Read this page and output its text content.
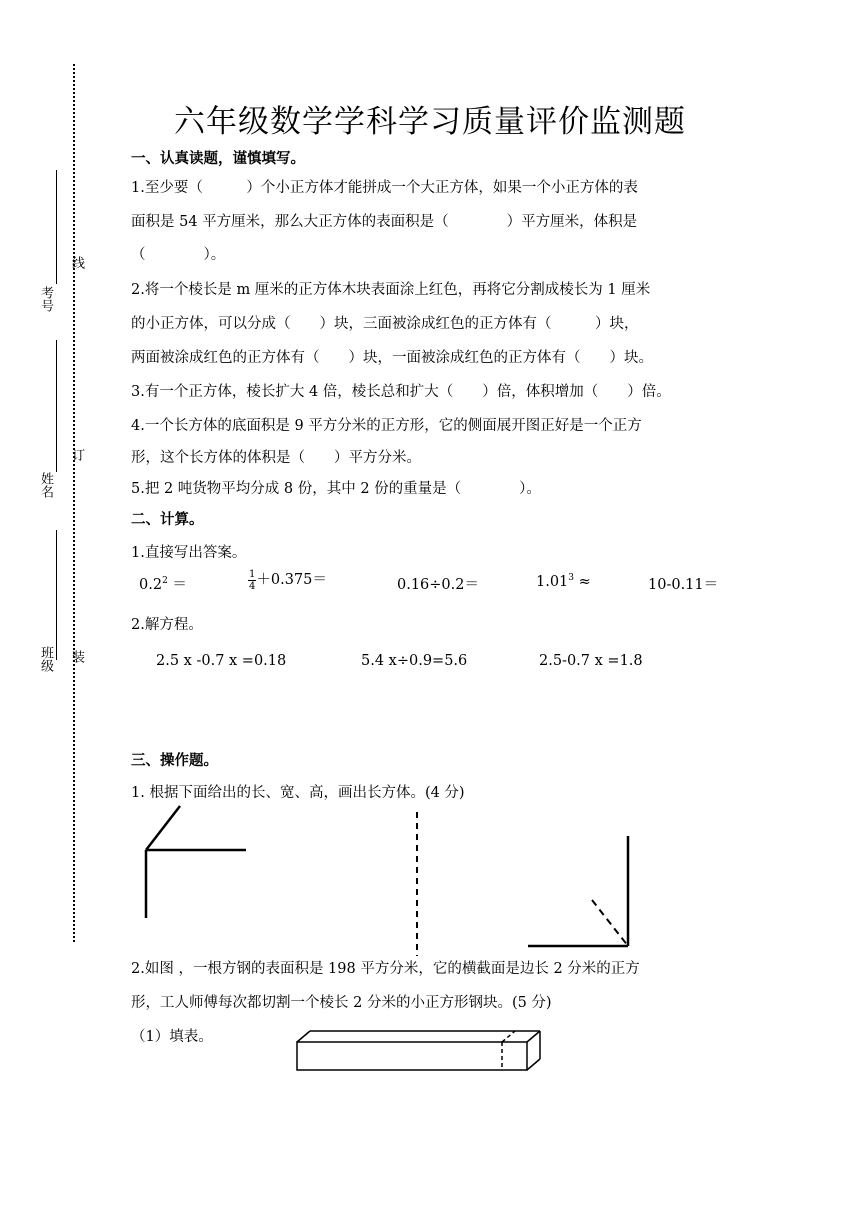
考号
线
姓名
订
班级 装
六年级数学学科学习质量评价监测题
一、认真读题，谨慎填写。
1.至少要（　　　）个小正方体才能拼成一个大正方体，如果一个小正方体的表
面积是 54 平方厘米，那么大正方体的表面积是（　　　　）平方厘米，体积是
（　　　　）。
2.将一个棱长是 m 厘米的正方体木块表面涂上红色，再将它分割成棱长为 1 厘米
的小正方体，可以分成（　　）块，三面被涂成红色的正方体有（　　　）块，
两面被涂成红色的正方体有（　　）块，一面被涂成红色的正方体有（　　）块。
3.有一个正方体，棱长扩大 4 倍，棱长总和扩大（　　）倍，体积增加（　　）倍。
4.一个长方体的底面积是 9 平方分米的正方形，它的侧面展开图正好是一个正方
形，这个长方体的体积是（　　）平方分米。
5.把 2 吨货物平均分成 8 份，其中 2 份的重量是（　　　　）。
二、计算。
1.直接写出答案。
$0.2^2$ ＝	$\frac{1}{4} +0.375=$	0.16÷0.2＝	$1.01^3$ ≈	10-0.11＝
2.解方程。
2.5 x -0.7 x =0.18	5.4 x÷0.9=5.6	2.5-0.7 x =1.8
三、操作题。
1. 根据下面给出的长、宽、高，画出长方体。(4 分)
2.如图 ，一根方钢的表面积是 198 平方分米，它的横截面是边长 2 分米的正方
形，工人师傅每次都切割一个棱长 2 分米的小正方形钢块。(5 分)
（1）填表。
